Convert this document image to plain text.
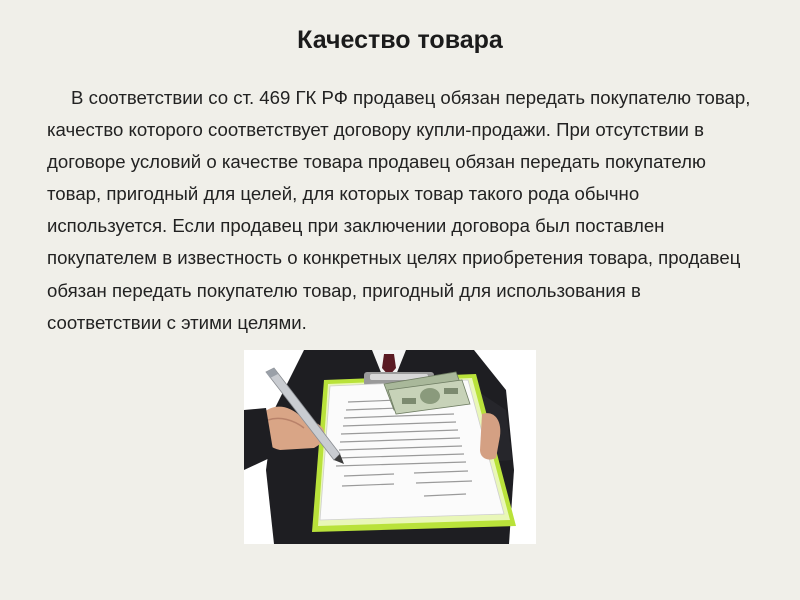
Качество товара

В соответствии со ст. 469 ГК РФ продавец обязан передать покупателю товар, качество которого соответствует договору купли-продажи. При отсутствии в договоре условий о качестве товара продавец обязан передать покупателю товар, пригодный для целей, для которых товар такого рода обычно используется. Если продавец при заключении договора был поставлен покупателем в известность о конкретных целях приобретения товара, продавец обязан передать покупателю товар, пригодный для использования в соответствии с этими целями.
